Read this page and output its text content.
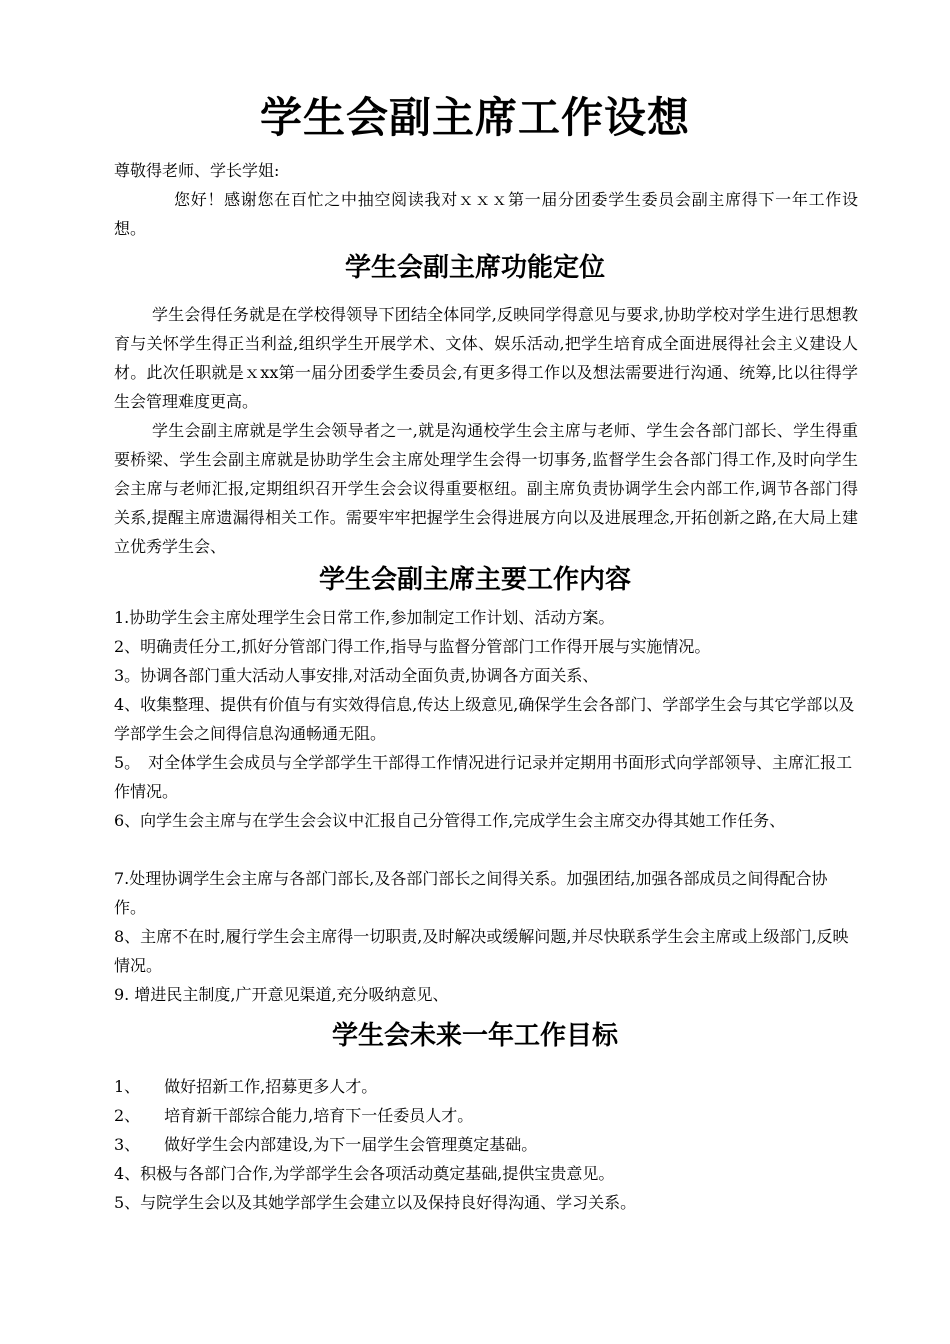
学生会副主席工作设想
尊敬得老师、学长学姐:
您好！感谢您在百忙之中抽空阅读我对ｘｘｘ第一届分团委学生委员会副主席得下一年工作设想。
学生会副主席功能定位
学生会得任务就是在学校得领导下团结全体同学,反映同学得意见与要求,协助学校对学生进行思想教育与关怀学生得正当利益,组织学生开展学术、文体、娱乐活动,把学生培育成全面进展得社会主义建设人材。此次任职就是ｘxx第一届分团委学生委员会,有更多得工作以及想法需要进行沟通、统筹,比以往得学生会管理难度更高。
学生会副主席就是学生会领导者之一,就是沟通校学生会主席与老师、学生会各部门部长、学生得重要桥梁、学生会副主席就是协助学生会主席处理学生会得一切事务,监督学生会各部门得工作,及时向学生会主席与老师汇报,定期组织召开学生会会议得重要枢纽。副主席负责协调学生会内部工作,调节各部门得关系,提醒主席遗漏得相关工作。需要牢牢把握学生会得进展方向以及进展理念,开拓创新之路,在大局上建立优秀学生会、
学生会副主席主要工作内容
1.协助学生会主席处理学生会日常工作,参加制定工作计划、活动方案。
2、明确责任分工,抓好分管部门得工作,指导与监督分管部门工作得开展与实施情况。
3。协调各部门重大活动人事安排,对活动全面负责,协调各方面关系、
4、收集整理、提供有价值与有实效得信息,传达上级意见,确保学生会各部门、学部学生会与其它学部以及学部学生会之间得信息沟通畅通无阻。
5。　对全体学生会成员与全学部学生干部得工作情况进行记录并定期用书面形式向学部领导、主席汇报工作情况。
6、向学生会主席与在学生会会议中汇报自己分管得工作,完成学生会主席交办得其她工作任务、
7.处理协调学生会主席与各部门部长,及各部门部长之间得关系。加强团结,加强各部成员之间得配合协作。
8、主席不在时,履行学生会主席得一切职责,及时解决或缓解问题,并尽快联系学生会主席或上级部门,反映情况。
9. 增进民主制度,广开意见渠道,充分吸纳意见、
学生会未来一年工作目标
1、　　做好招新工作,招募更多人才。
2、　　培育新干部综合能力,培育下一任委员人才。
3、　　做好学生会内部建设,为下一届学生会管理奠定基础。
4、积极与各部门合作,为学部学生会各项活动奠定基础,提供宝贵意见。
5、与院学生会以及其她学部学生会建立以及保持良好得沟通、学习关系。
